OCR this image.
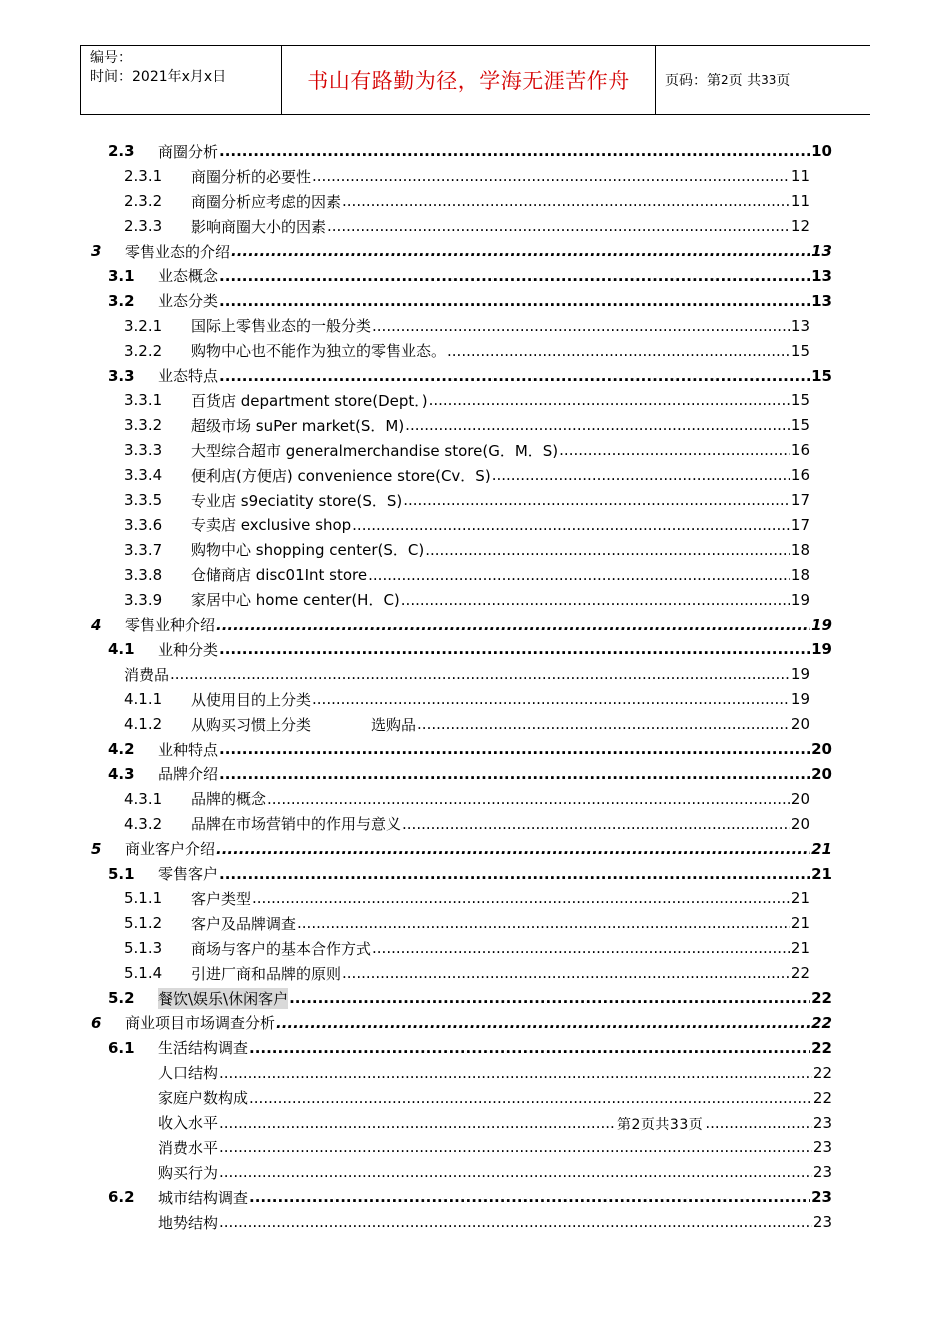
编号：
时间：2021年x月x日	书山有路勤为径，学海无涯苦作舟	页码：第 2 页 共 33 页
2.3	商圈分析 .....	10
2.3.1	商圈分析的必要性 .....	11
2.3.2	商圈分析应考虑的因素 .....	11
2.3.3	影响商圈大小的因素 .....	12
3	零售业态的介绍 .....	13
3.1	业态概念 .....	13
3.2	业态分类 .....	13
3.2.1	国际上零售业态的一般分类 .....	13
3.2.2	购物中心也不能作为独立的零售业态。 .....	15
3.3	业态特点 .....	15
3.3.1	百货店 department store(Dept．) .....	15
3.3.2	超级市场 suPer market(S．M) .....	15
3.3.3	大型综合超市 generalmerchandise store(G．M．S) .....	16
3.3.4	便利店(方便店) convenience store(Cv．S) .....	16
3.3.5	专业店 s9eciatity store(S．S) .....	17
3.3.6	专卖店 exclusive shop .....	17
3.3.7	购物中心 shopping center(S．C) .....	18
3.3.8	仓储商店 disc01Int store .....	18
3.3.9	家居中心 home center(H．C) .....	19
4	零售业种介绍 .....	19
4.1	业种分类 .....	19
消费品 .....	19
4.1.1	从使用目的上分类 .....	19
4.1.2	从购买习惯上分类	选购品 .....	20
4.2	业种特点 .....	20
4.3	品牌介绍 .....	20
4.3.1	品牌的概念 .....	20
4.3.2	品牌在市场营销中的作用与意义 .....	20
5	商业客户介绍 .....	21
5.1	零售客户 .....	21
5.1.1	客户类型 .....	21
5.1.2	客户及品牌调查 .....	21
5.1.3	商场与客户的基本合作方式 .....	21
5.1.4	引进厂商和品牌的原则 .....	22
5.2	餐饮\娱乐\休闲客户 .....	22
6	商业项目市场调查分析 .....	22
6.1	生活结构调查 .....	22
人口结构 .....	22
家庭户数构成 .....	22
收入水平 .....	23
消费水平 .....	23
购买行为 .....	23
6.2	城市结构调查 .....	23
地势结构 .....	23
第2页共33页
